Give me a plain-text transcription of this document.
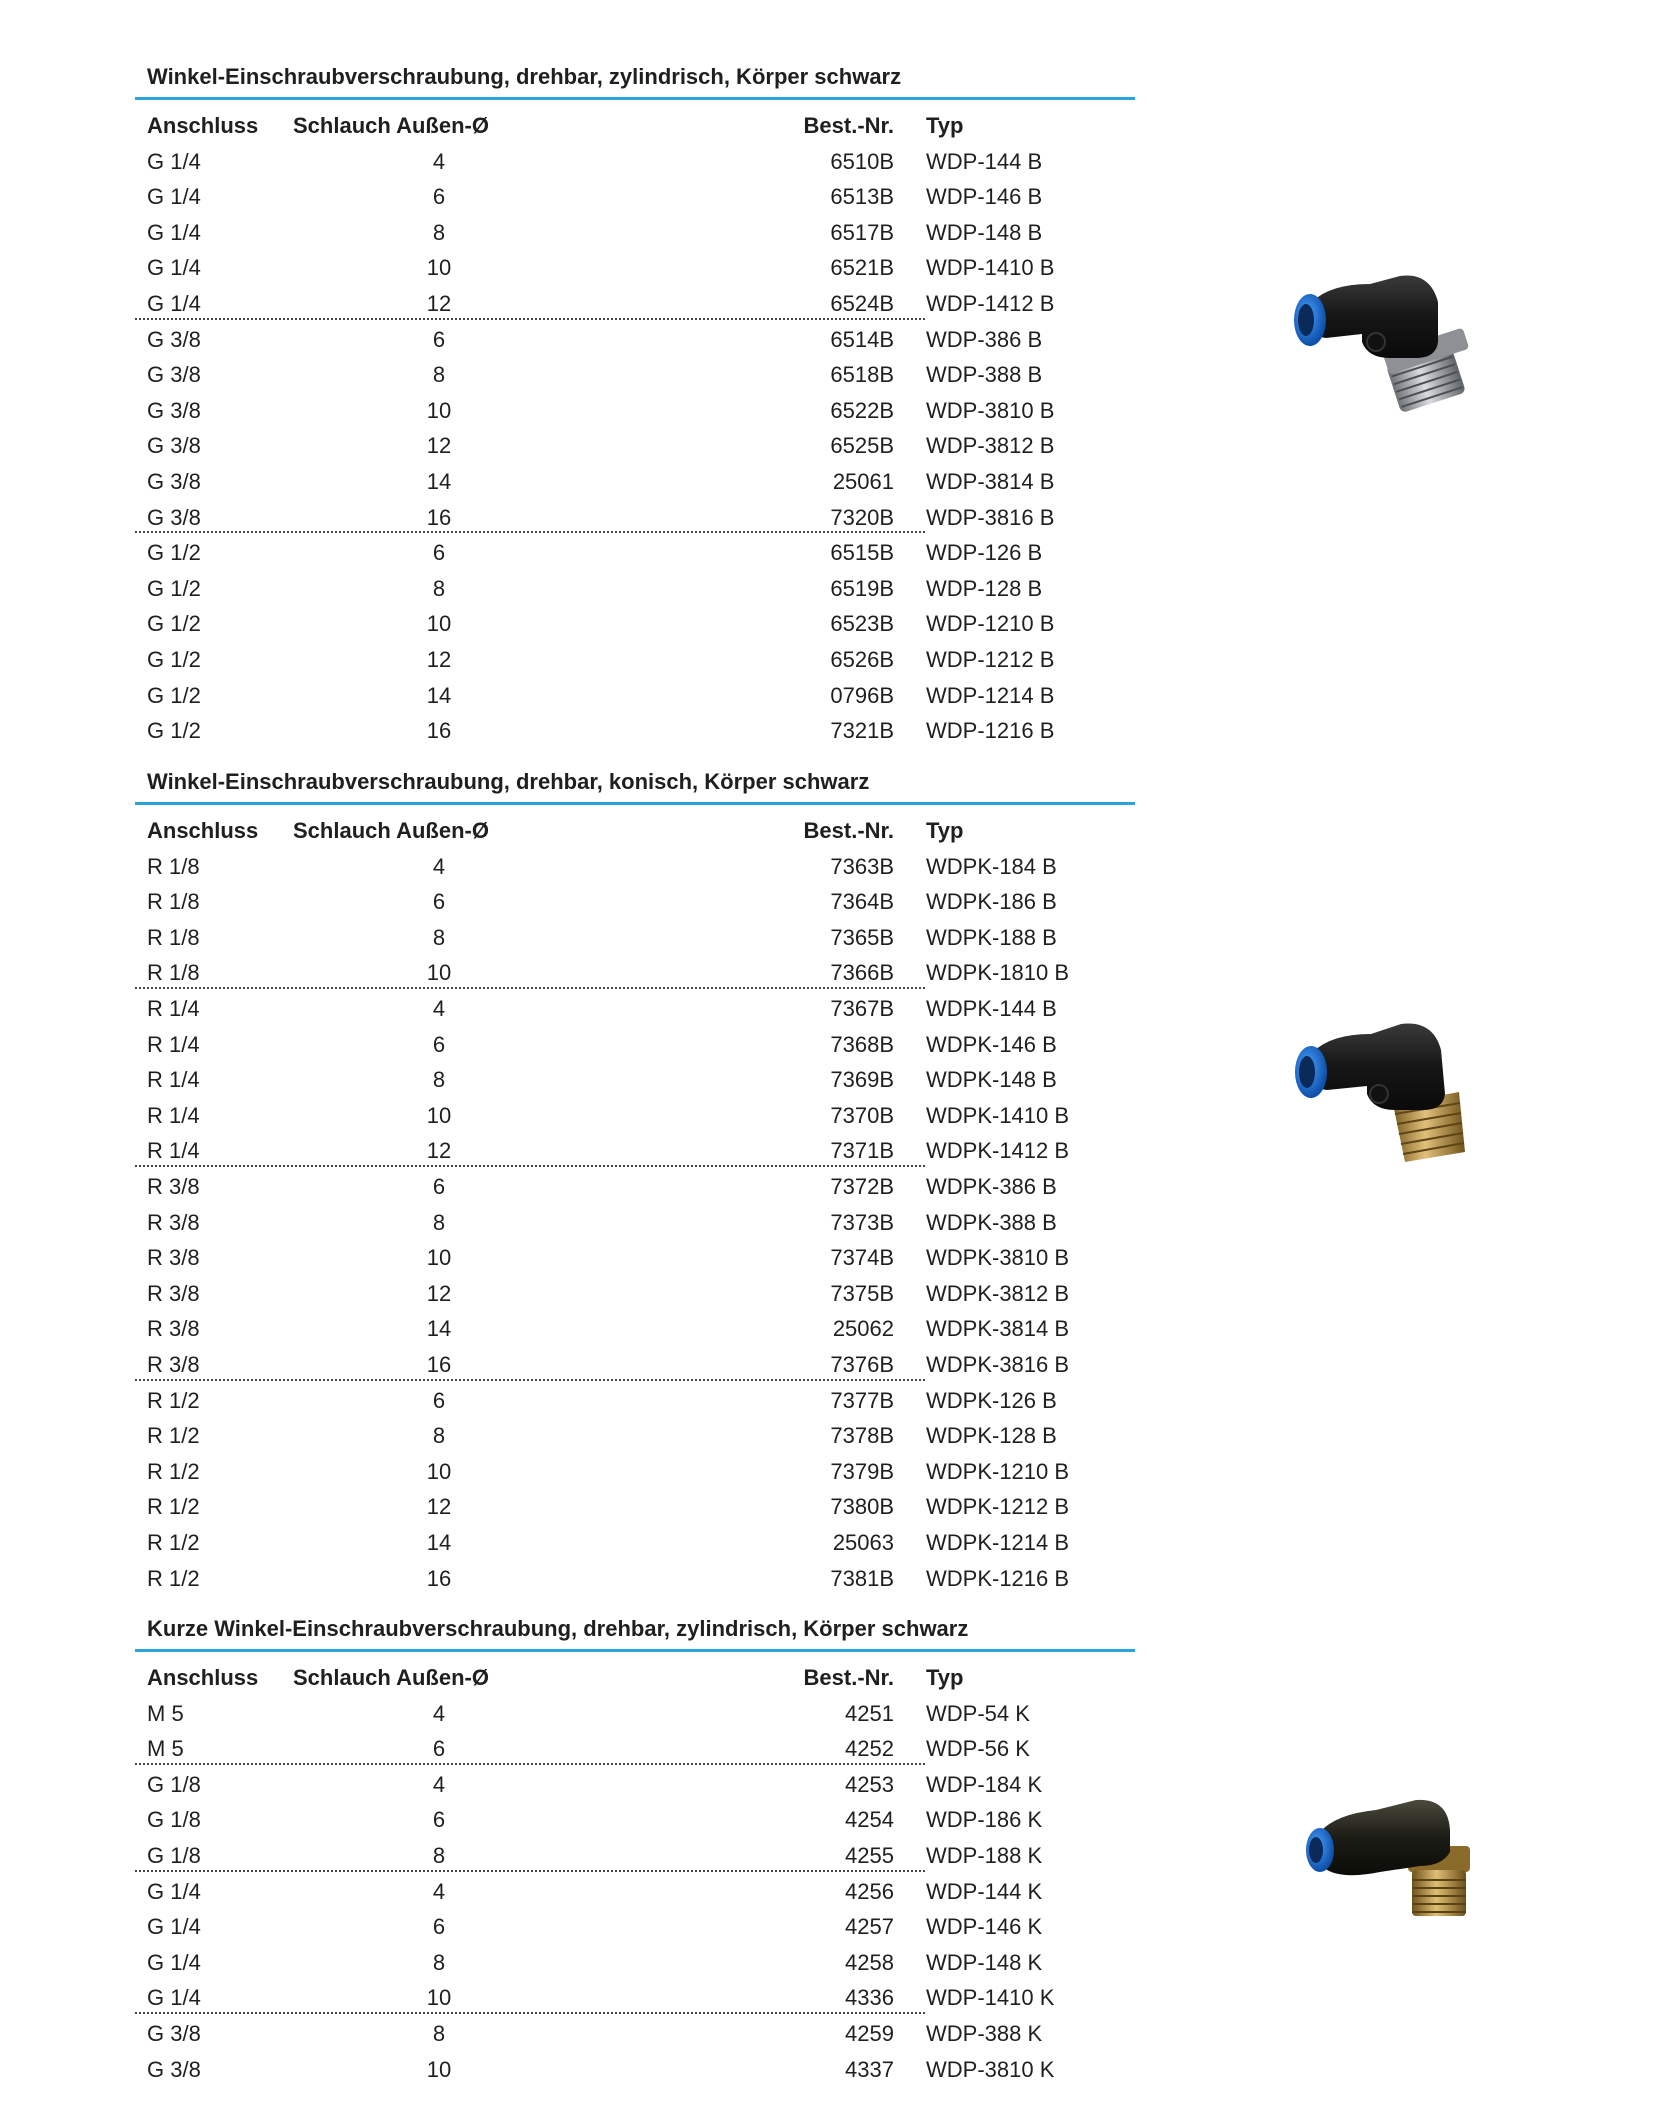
Winkel-Einschraubverschraubung, drehbar, zylindrisch, Körper schwarz
Anschluss Schlauch Außen-Ø	Best.-Nr. Typ
G 1/4	4	6510B WDP-144 B
G 1/4	6	6513B WDP-146 B
G 1/4	8	6517B WDP-148 B
G 1/4	10	6521B WDP-1410 B
G 1/4	12	6524B WDP-1412 B
G 3/8	6	6514B WDP-386 B
G 3/8	8	6518B WDP-388 B
G 3/8	10	6522B WDP-3810 B
G 3/8	12	6525B WDP-3812 B
G 3/8	14	25061 WDP-3814 B
G 3/8	16	7320B WDP-3816 B
G 1/2	6	6515B WDP-126 B
G 1/2	8	6519B WDP-128 B
G 1/2	10	6523B WDP-1210 B
G 1/2	12	6526B WDP-1212 B
G 1/2	14	0796B WDP-1214 B
G 1/2	16	7321B WDP-1216 B
Winkel-Einschraubverschraubung, drehbar, konisch, Körper schwarz
Anschluss Schlauch Außen-Ø	Best.-Nr. Typ
R 1/8	4	7363B WDPK-184 B
R 1/8	6	7364B WDPK-186 B
R 1/8	8	7365B WDPK-188 B
R 1/8	10	7366B WDPK-1810 B
R 1/4	4	7367B WDPK-144 B
R 1/4	6	7368B WDPK-146 B
R 1/4	8	7369B WDPK-148 B
R 1/4	10	7370B WDPK-1410 B
R 1/4	12	7371B WDPK-1412 B
R 3/8	6	7372B WDPK-386 B
R 3/8	8	7373B WDPK-388 B
R 3/8	10	7374B WDPK-3810 B
R 3/8	12	7375B WDPK-3812 B
R 3/8	14	25062 WDPK-3814 B
R 3/8	16	7376B WDPK-3816 B
R 1/2	6	7377B WDPK-126 B
R 1/2	8	7378B WDPK-128 B
R 1/2	10	7379B WDPK-1210 B
R 1/2	12	7380B WDPK-1212 B
R 1/2	14	25063 WDPK-1214 B
R 1/2	16	7381B WDPK-1216 B
Kurze Winkel-Einschraubverschraubung, drehbar, zylindrisch, Körper schwarz
Anschluss Schlauch Außen-Ø	Best.-Nr. Typ
M 5	4	4251 WDP-54 K
M 5	6	4252 WDP-56 K
G 1/8	4	4253 WDP-184 K
G 1/8	6	4254 WDP-186 K
G 1/8	8	4255 WDP-188 K
G 1/4	4	4256 WDP-144 K
G 1/4	6	4257 WDP-146 K
G 1/4	8	4258 WDP-148 K
G 1/4	10	4336 WDP-1410 K
G 3/8	8	4259 WDP-388 K
G 3/8	10	4337 WDP-3810 K
